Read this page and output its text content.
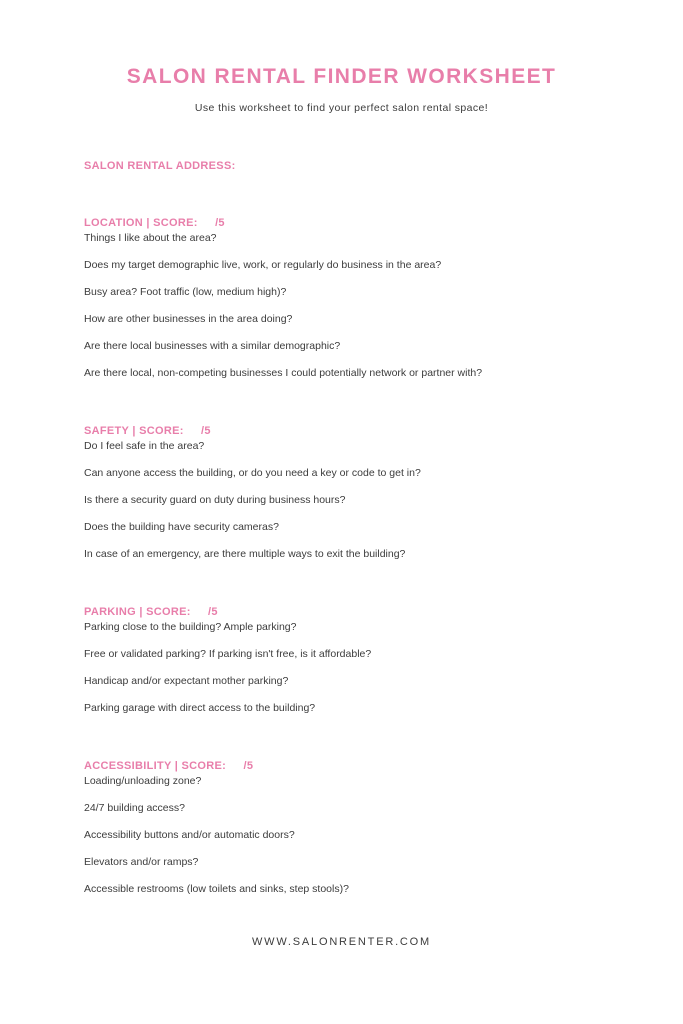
SALON RENTAL FINDER WORKSHEET

Use this worksheet to find your perfect salon rental space!

SALON RENTAL ADDRESS:

LOCATION | SCORE: /5

Things I like about the area?

Does my target demographic live, work, or regularly do business in the area?

Busy area? Foot traffic (low, medium high)?

How are other businesses in the area doing?

Are there local businesses with a similar demographic?

Are there local, non-competing businesses I could potentially network or partner with?

SAFETY | SCORE: /5

Do I feel safe in the area?

Can anyone access the building, or do you need a key or code to get in?

Is there a security guard on duty during business hours?

Does the building have security cameras?

In case of an emergency, are there multiple ways to exit the building?

PARKING | SCORE: /5

Parking close to the building? Ample parking?

Free or validated parking? If parking isn't free, is it affordable?

Handicap and/or expectant mother parking?

Parking garage with direct access to the building?

ACCESSIBILITY | SCORE: /5

Loading/unloading zone?

24/7 building access?

Accessibility buttons and/or automatic doors?

Elevators and/or ramps?

Accessible restrooms (low toilets and sinks, step stools)?

WWW.SALONRENTER.COM
